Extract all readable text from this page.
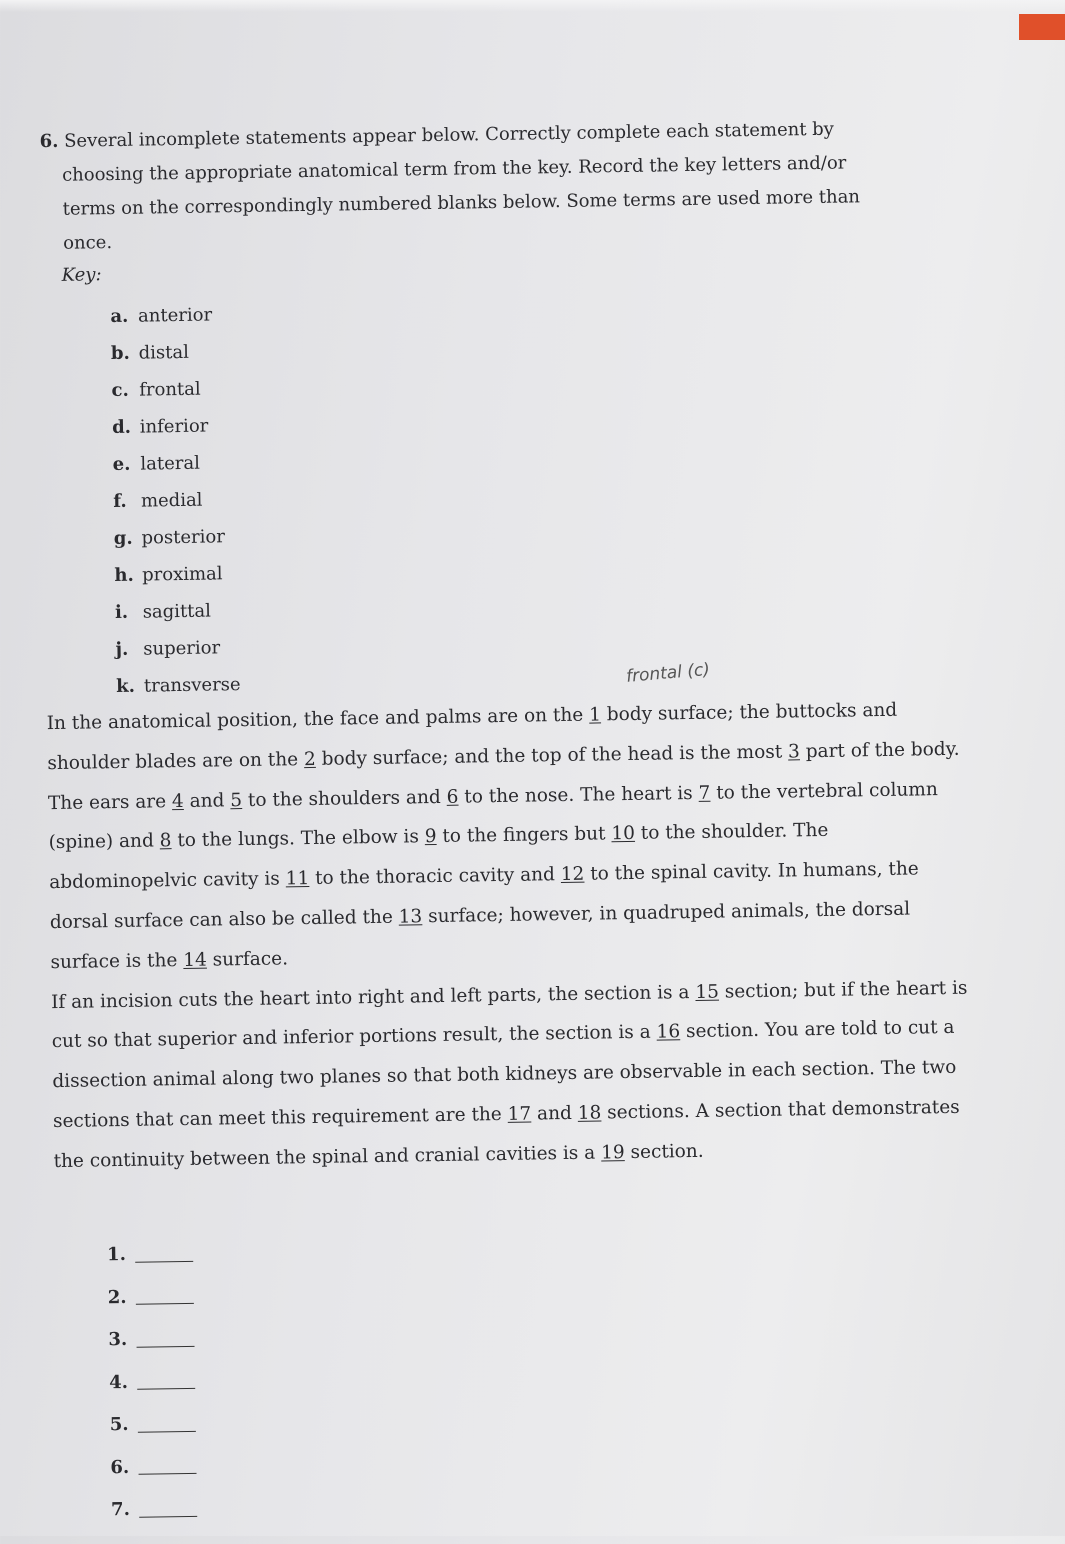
6. Several incomplete statements appear below. Correctly complete each statement by

choosing the appropriate anatomical term from the key. Record the key letters and/or terms on the correspondingly numbered blanks below. Some terms are used more than once.

Key:
a. anterior
b. distal
c. frontal
d. inferior
e. lateral
f. medial
g. posterior
h. proximal
i. sagittal
j. superior
k. transverse	frontal (c)

In the anatomical position, the face and palms are on the 1 body surface; the buttocks and shoulder blades are on the 2 body surface; and the top of the head is the most 3 part of the body. The ears are 4 and 5 to the shoulders and 6 to the nose. The heart is 7 to the vertebral column (spine) and 8 to the lungs. The elbow is 9 to the fingers but 10 to the shoulder. The abdominopelvic cavity is 11 to the thoracic cavity and 12 to the spinal cavity. In humans, the dorsal surface can also be called the 13 surface; however, in quadruped animals, the dorsal surface is the 14 surface.

If an incision cuts the heart into right and left parts, the section is a 15 section; but if the heart is cut so that superior and inferior portions result, the section is a 16 section. You are told to cut a dissection animal along two planes so that both kidneys are observable in each section. The two sections that can meet this requirement are the 17 and 18 sections. A section that demonstrates the continuity between the spinal and cranial cavities is a 19 section.

1.
2.
3.
4.
5.
6.
7.
